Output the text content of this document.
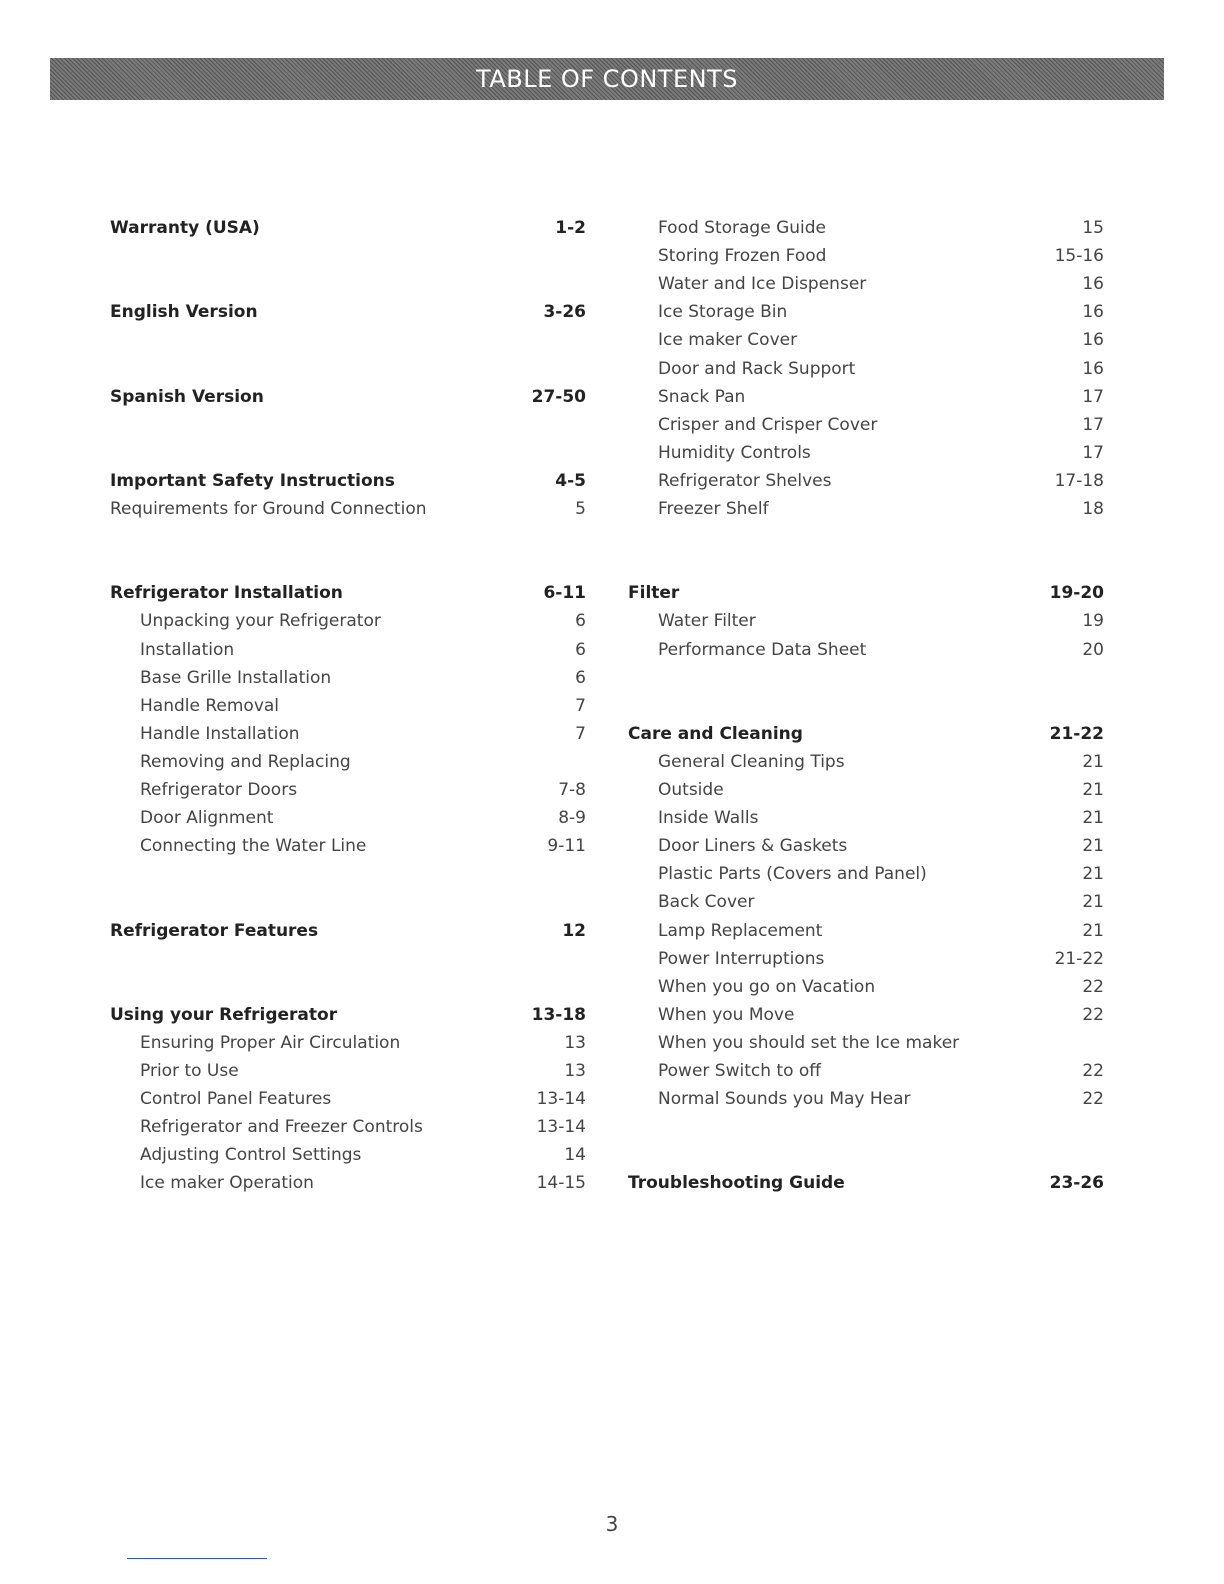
TABLE OF CONTENTS
Warranty (USA)	1-2
English Version	3-26
Spanish Version	27-50
Important Safety Instructions	4-5
Requirements for Ground Connection	5
Refrigerator Installation	6-11
Unpacking your Refrigerator	6
Installation	6
Base Grille Installation	6
Handle Removal	7
Handle Installation	7
Removing and Replacing
Refrigerator Doors	7-8
Door Alignment	8-9
Connecting the Water Line	9-11
Refrigerator Features	12
Using your Refrigerator	13-18
Ensuring Proper Air Circulation	13
Prior to Use	13
Control Panel Features	13-14
Refrigerator and Freezer Controls	13-14
Adjusting Control Settings	14
Ice maker Operation	14-15
Food Storage Guide	15
Storing Frozen Food	15-16
Water and Ice Dispenser	16
Ice Storage Bin	16
Ice maker Cover	16
Door and Rack Support	16
Snack Pan	17
Crisper and Crisper Cover	17
Humidity Controls	17
Refrigerator Shelves	17-18
Freezer Shelf	18
Filter	19-20
Water Filter	19
Performance Data Sheet	20
Care and Cleaning	21-22
General Cleaning Tips	21
Outside	21
Inside Walls	21
Door Liners & Gaskets	21
Plastic Parts (Covers and Panel)	21
Back Cover	21
Lamp Replacement	21
Power Interruptions	21-22
When you go on Vacation	22
When you Move	22
When you should set the Ice maker
Power Switch to off	22
Normal Sounds you May Hear	22
Troubleshooting Guide	23-26
3
